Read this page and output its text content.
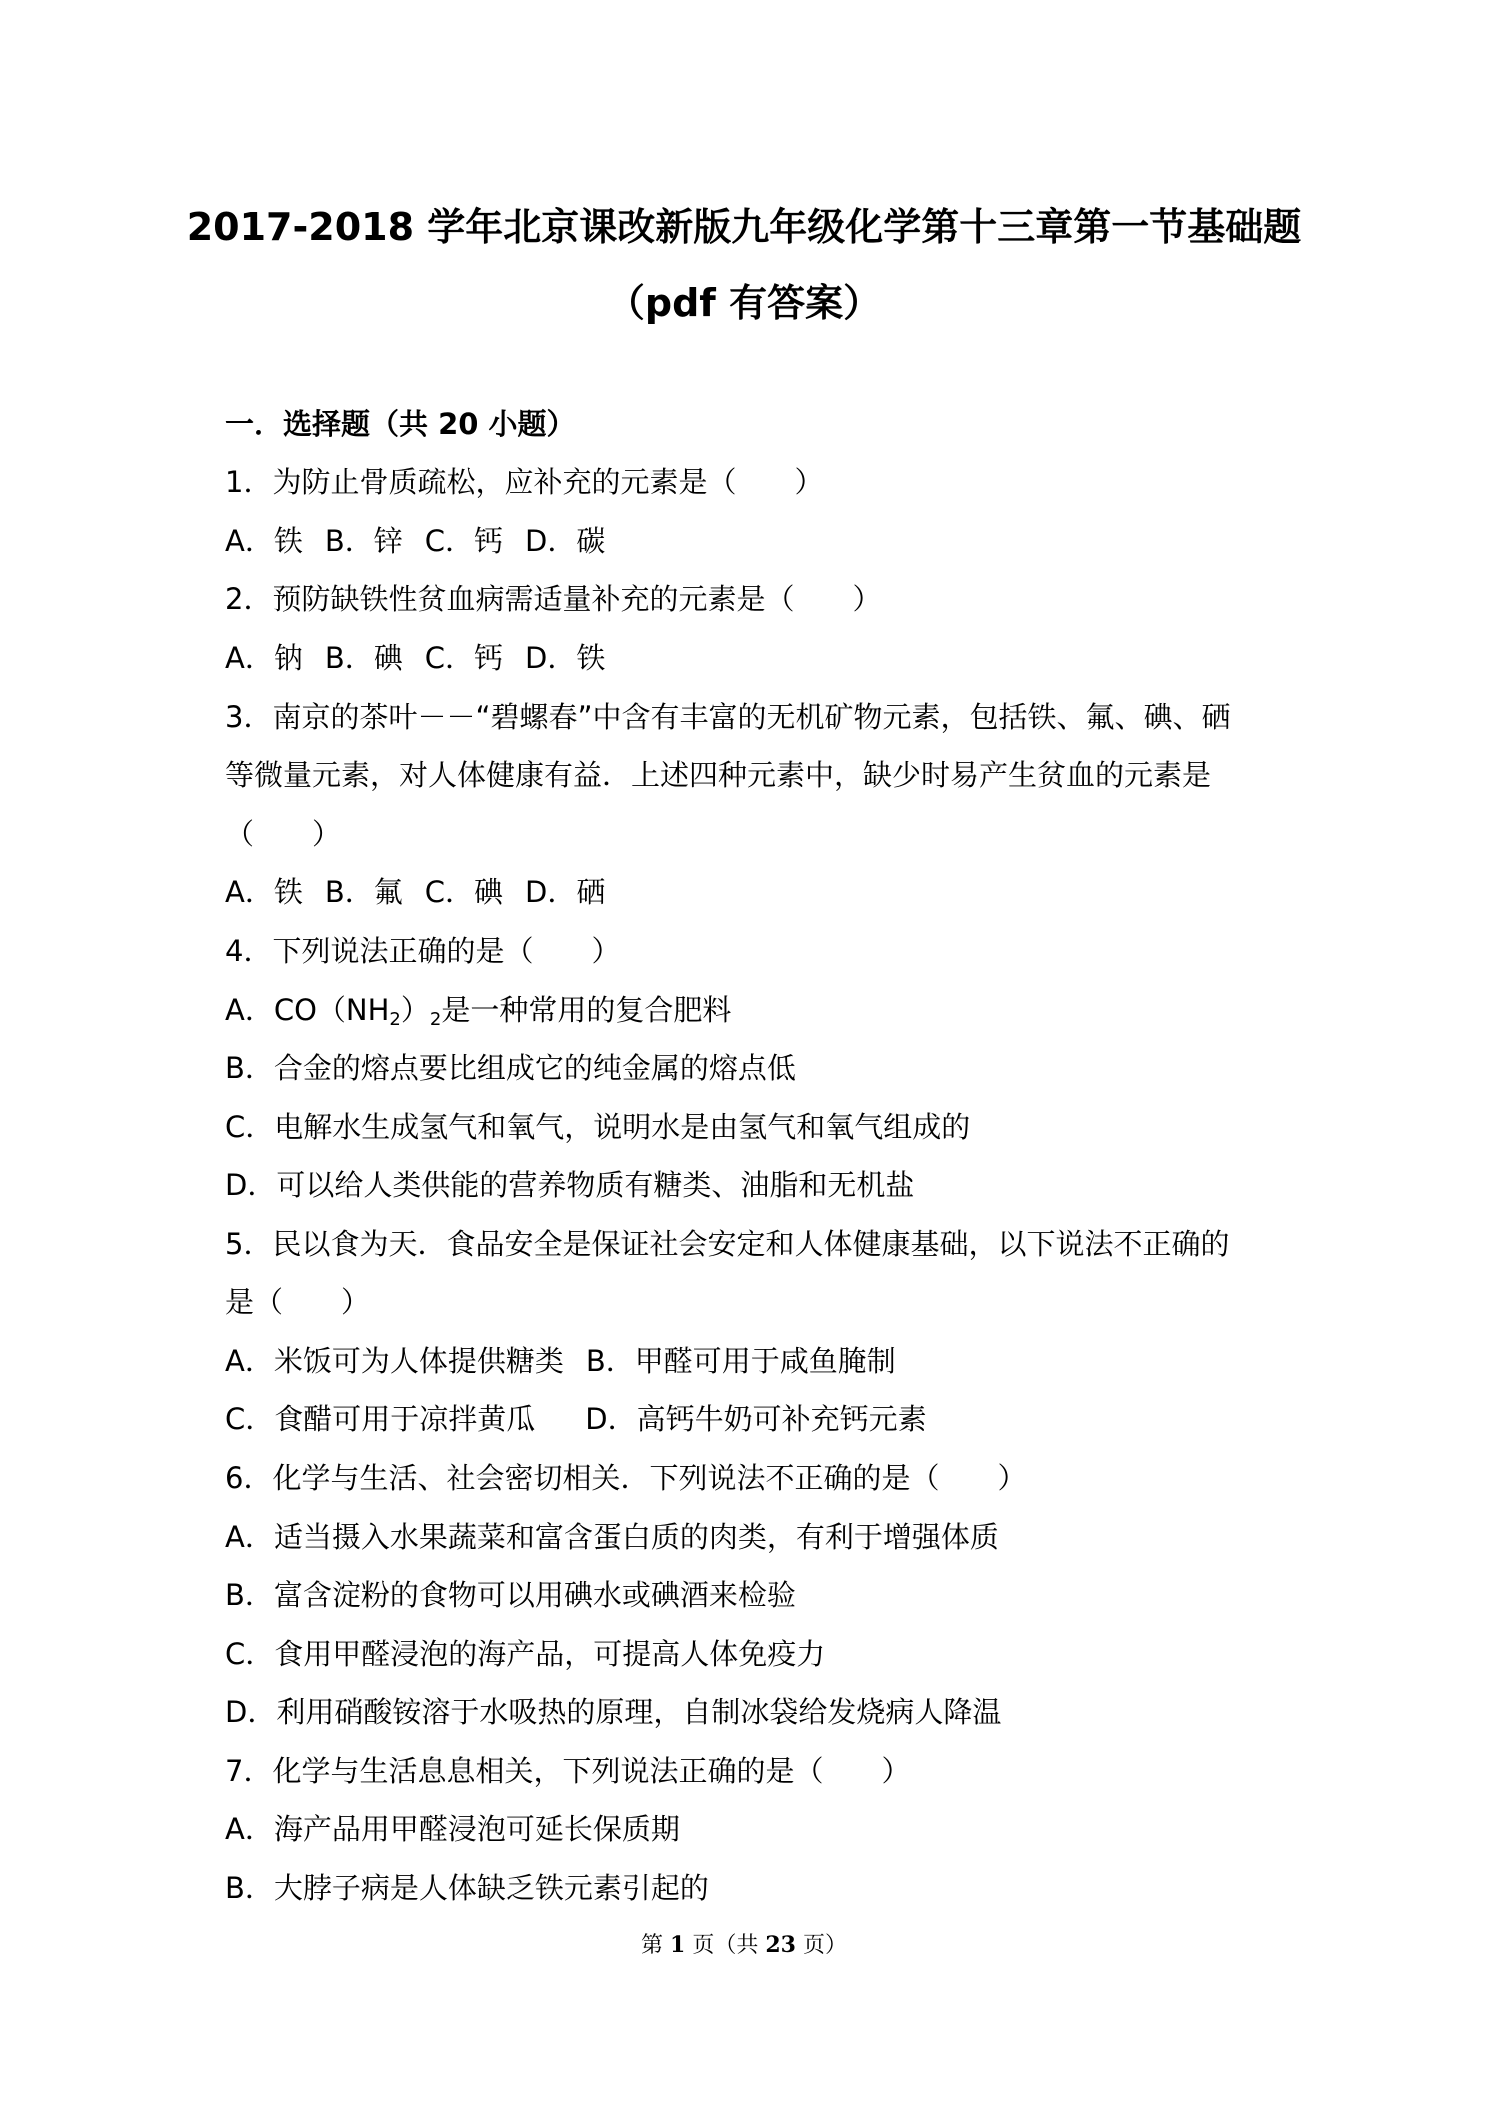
2017-2018 学年北京课改新版九年级化学第十三章第一节基础题
（pdf 有答案）
一．选择题（共 20 小题）
1．为防止骨质疏松，应补充的元素是（　　）
A．铁 B．锌 C．钙 D．碳
2．预防缺铁性贫血病需适量补充的元素是（　　）
A．钠 B．碘 C．钙 D．铁
3．南京的茶叶－－“碧螺春”中含有丰富的无机矿物元素，包括铁、氟、碘、硒
等微量元素，对人体健康有益．上述四种元素中，缺少时易产生贫血的元素是
（　　）
A．铁 B．氟 C．碘 D．硒
4．下列说法正确的是（　　）
A．$CO(NH_2)_2$是一种常用的复合肥料
B．合金的熔点要比组成它的纯金属的熔点低
C．电解水生成氢气和氧气，说明水是由氢气和氧气组成的
D．可以给人类供能的营养物质有糖类、油脂和无机盐
5．民以食为天．食品安全是保证社会安定和人体健康基础，以下说法不正确的
是（　　）
A．米饭可为人体提供糖类 B．甲醛可用于咸鱼腌制
C．食醋可用于凉拌黄瓜 D．高钙牛奶可补充钙元素
6．化学与生活、社会密切相关．下列说法不正确的是（　　）
A．适当摄入水果蔬菜和富含蛋白质的肉类，有利于增强体质
B．富含淀粉的食物可以用碘水或碘酒来检验
C．食用甲醛浸泡的海产品，可提高人体免疫力
D．利用硝酸铵溶于水吸热的原理，自制冰袋给发烧病人降温
7．化学与生活息息相关，下列说法正确的是（　　）
A．海产品用甲醛浸泡可延长保质期
B．大脖子病是人体缺乏铁元素引起的
第 1 页（共 23 页）
